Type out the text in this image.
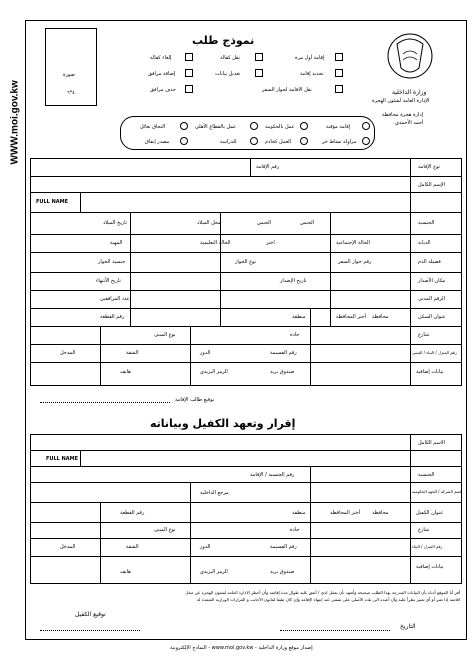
WWW.moi.gov.kw
نموذج طلب
صورة
٤*٦	وزارة الداخلية
الإدارة العامة لشئون الهجرة
إدارة هجرة محافظة
أحمد الأحمدي
إقامة أول مرة
نقل كفالة
إلغاء كفالة
تجديد إقامة
تعديل بيانات
إضافة مرافق
نقل الاقامة لجواز السفر
حذف مرافق
إقامة مؤقتة
عمل بالحكومة
عمل بالقطاع الأهلي
التحاق بعائل
مزاولة نشاط حر
العمل كخادم
للدراسة
مصدر إنفاق
نوع الإقامة
رقم الإقامة
الإسم الكامل
FULL NAME
الجنسية
الجنس
الجنس
محل الميلاد
تاريخ الميلاد
الديانة
الحالة الإجتماعية
اختر
الحالة التعليمية
المهنة
فصيلة الدم
رقم جواز السفر
نوع الجواز
جنسية الجواز
مكان الأصدار
تاريخ الإصدار
تاريخ الأنتهاء
الرقم المدني
عدد المرافقين
عنوان السكن
محافظة
أختر المحافظة
منطقة
رقم القطعة
شارع
جادة
نوع المبنى
رقم المنزل / البناء / المبنى
رقم القسيمة
الدور
الشقة
المدخل
بيانات إضافية
صندوق بريد
الرمز البريدي
هاتف
توقيع طالب الإقامة
إقرار وتعهد الكفيل وبياناته
الاسم الكامل
FULL NAME
الجنسية
رقم الجنسية / الإقامة
اسم الشركة / الجهة الحكومية
مرجع الداخلية
عنوان الكفيل
محافظة
أختر المحافظة
منطقة
رقم القطعة
شارع
جادة
نوع المبنى
رقم المنزل / البناء
رقم القسيمة
الدور
الشقة
المدخل
بيانات إضافية
صندوق بريد
الرمز البريدي
هاتف
أقر أنا الموقع أدناه بأن البيانات المدرجة بهذا الطلب صحيحة وأتعهد بأن يعمل لدي / أتفق عليه طوال مدة إقامته وأن أخطر الادارة العامة لشئون الهجرة عن محل
اقامته إذا تغير أو أي تغيير يطرأ عليه وأن أعيده الى بلده الأصلي على نفقتي عند إنتهاء الإقامة وإن كان طبقا لقانون الأجانب و القرارات الوزارية المنفذة له
توقيع الكفيل
التاريخ
إصدار موقع وزارة الداخلية - www.moi.gov.kw - النماذج الإلكترونية
